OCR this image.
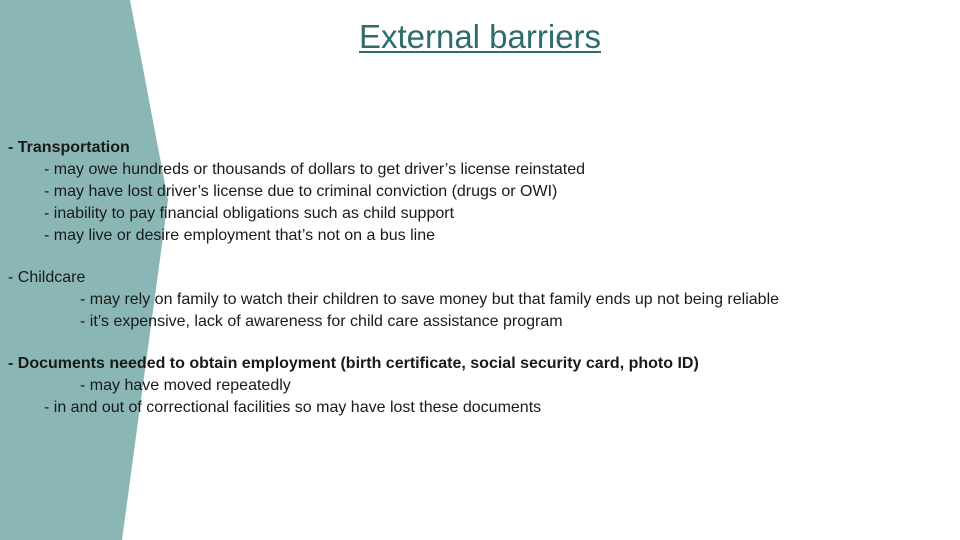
External barriers
- Transportation
- may owe hundreds or thousands of dollars to get driver’s license reinstated
- may have lost driver’s license due to criminal conviction (drugs or OWI)
- inability to pay financial obligations such as child support
- may live or desire employment that’s not on a bus line
- Childcare
- may rely on family to watch their children to save money but that family ends up not being reliable
- it’s expensive, lack of awareness for child care assistance program
- Documents needed to obtain employment (birth certificate, social security card, photo ID)
- may have moved repeatedly
- in and out of correctional facilities so may have lost these documents
